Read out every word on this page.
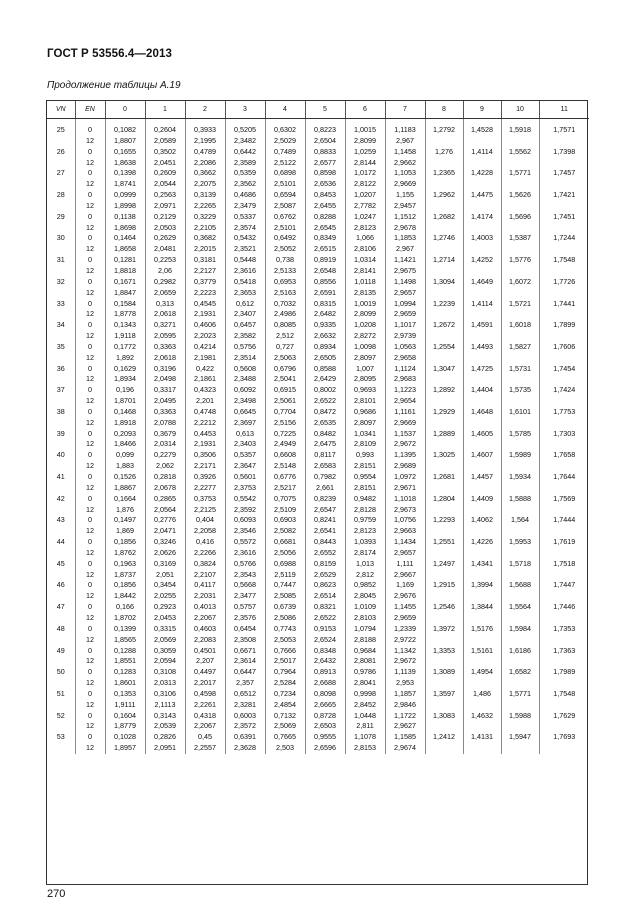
ГОСТ Р 53556.4—2013
Продолжение таблицы А.19
VN	EN	0	1	2	3	4	5	6	7	8	9	10	11
25	0	0,1082	0,2604	0,3933	0,5205	0,6302	0,8223	1,0015	1,1183	1,2792	1,4528	1,5918	1,7571
	12	1,8807	2,0589	2,1995	2,3482	2,5029	2,6504	2,8099	2,967				
26	0	0,1655	0,3502	0,4789	0,6442	0,7489	0,8833	1,0259	1,1458	1,276	1,4114	1,5562	1,7398
	12	1,8638	2,0451	2,2086	2,3589	2,5122	2,6577	2,8144	2,9662				
27	0	0,1398	0,2609	0,3662	0,5359	0,6898	0,8598	1,0172	1,1053	1,2365	1,4228	1,5771	1,7457
	12	1,8741	2,0544	2,2075	2,3562	2,5101	2,6536	2,8122	2,9669				
28	0	0,0999	0,2563	0,3139	0,4686	0,6594	0,8453	1,0207	1,155	1,2962	1,4475	1,5626	1,7421
	12	1,8998	2,0971	2,2265	2,3479	2,5087	2,6455	2,7782	2,9457				
29	0	0,1138	0,2129	0,3229	0,5337	0,6762	0,8288	1,0247	1,1512	1,2682	1,4174	1,5696	1,7451
	12	1,8698	2,0503	2,2105	2,3574	2,5101	2,6545	2,8123	2,9678				
30	0	0,1464	0,2629	0,3682	0,5432	0,6492	0,8349	1,066	1,1853	1,2746	1,4003	1,5387	1,7244
	12	1,8658	2,0481	2,2015	2,3521	2,5052	2,6515	2,8106	2,967				
31	0	0,1281	0,2253	0,3181	0,5448	0,738	0,8919	1,0314	1,1421	1,2714	1,4252	1,5776	1,7548
	12	1,8818	2,06	2,2127	2,3616	2,5133	2,6548	2,8141	2,9675				
32	0	0,1671	0,2982	0,3779	0,5418	0,6953	0,8556	1,0118	1,1498	1,3094	1,4649	1,6072	1,7726
	12	1,8847	2,0659	2,2223	2,3653	2,5163	2,6591	2,8135	2,9657				
33	0	0,1584	0,313	0,4545	0,612	0,7032	0,8315	1,0019	1,0994	1,2239	1,4114	1,5721	1,7441
	12	1,8778	2,0618	2,1931	2,3407	2,4986	2,6482	2,8099	2,9659				
34	0	0,1343	0,3271	0,4606	0,6457	0,8085	0,9335	1,0208	1,1017	1,2672	1,4591	1,6018	1,7899
	12	1,9118	2,0595	2,2023	2,3582	2,512	2,6632	2,8272	2,9739				
35	0	0,1772	0,3363	0,4214	0,5756	0,727	0,8934	1,0098	1,0563	1,2554	1,4493	1,5827	1,7606
	12	1,892	2,0618	2,1981	2,3514	2,5063	2,6505	2,8097	2,9658				
36	0	0,1629	0,3196	0,422	0,5608	0,6796	0,8588	1,007	1,1124	1,3047	1,4725	1,5731	1,7454
	12	1,8934	2,0498	2,1861	2,3488	2,5041	2,6429	2,8095	2,9683				
37	0	0,196	0,3317	0,4323	0,6092	0,6915	0,8002	0,9693	1,1223	1,2892	1,4404	1,5735	1,7424
	12	1,8701	2,0495	2,201	2,3498	2,5061	2,6522	2,8101	2,9654				
38	0	0,1468	0,3363	0,4748	0,6645	0,7704	0,8472	0,9686	1,1161	1,2929	1,4648	1,6101	1,7753
	12	1,8918	2,0788	2,2212	2,3697	2,5156	2,6535	2,8097	2,9669				
39	0	0,2093	0,3679	0,4453	0,613	0,7225	0,8482	1,0341	1,1537	1,2889	1,4605	1,5785	1,7303
	12	1,8466	2,0314	2,1931	2,3403	2,4949	2,6475	2,8109	2,9672				
40	0	0,099	0,2279	0,3506	0,5357	0,6608	0,8117	0,993	1,1395	1,3025	1,4607	1,5989	1,7658
	12	1,883	2,062	2,2171	2,3647	2,5148	2,6583	2,8151	2,9689				
41	0	0,1526	0,2818	0,3926	0,5601	0,6776	0,7982	0,9554	1,0972	1,2681	1,4457	1,5934	1,7644
	12	1,8867	2,0678	2,2277	2,3753	2,5217	2,661	2,8151	2,9671				
42	0	0,1664	0,2865	0,3753	0,5542	0,7075	0,8239	0,9482	1,1018	1,2804	1,4409	1,5888	1,7569
	12	1,876	2,0564	2,2125	2,3592	2,5109	2,6547	2,8128	2,9673				
43	0	0,1497	0,2776	0,404	0,6093	0,6903	0,8241	0,9759	1,0756	1,2293	1,4062	1,564	1,7444
	12	1,869	2,0471	2,2058	2,3546	2,5082	2,6541	2,8123	2,9663				
44	0	0,1856	0,3246	0,416	0,5572	0,6681	0,8443	1,0393	1,1434	1,2551	1,4226	1,5953	1,7619
	12	1,8762	2,0626	2,2266	2,3616	2,5056	2,6552	2,8174	2,9657				
45	0	0,1963	0,3169	0,3824	0,5766	0,6988	0,8159	1,013	1,111	1,2497	1,4341	1,5718	1,7518
	12	1,8737	2,051	2,2107	2,3543	2,5119	2,6529	2,812	2,9667				
46	0	0,1856	0,3454	0,4117	0,5668	0,7447	0,8623	0,9852	1,169	1,2915	1,3994	1,5688	1,7447
	12	1,8442	2,0255	2,2031	2,3477	2,5085	2,6514	2,8045	2,9676				
47	0	0,166	0,2923	0,4013	0,5757	0,6739	0,8321	1,0109	1,1455	1,2546	1,3844	1,5564	1,7446
	12	1,8702	2,0453	2,2067	2,3576	2,5086	2,6522	2,8103	2,9659				
48	0	0,1399	0,3315	0,4603	0,6454	0,7743	0,9153	1,0794	1,2339	1,3972	1,5176	1,5984	1,7353
	12	1,8565	2,0569	2,2083	2,3508	2,5053	2,6524	2,8188	2,9722				
49	0	0,1288	0,3059	0,4501	0,6671	0,7666	0,8348	0,9684	1,1342	1,3353	1,5161	1,6186	1,7363
	12	1,8551	2,0594	2,207	2,3614	2,5017	2,6432	2,8081	2,9672				
50	0	0,1283	0,3108	0,4497	0,6447	0,7964	0,8913	0,9786	1,1139	1,3089	1,4954	1,6582	1,7989
	12	1,8601	2,0313	2,2017	2,357	2,5284	2,6688	2,8041	2,953				
51	0	0,1353	0,3106	0,4598	0,6512	0,7234	0,8098	0,9998	1,1857	1,3597	1,486	1,5771	1,7548
	12	1,9111	2,1113	2,2261	2,3281	2,4854	2,6665	2,8452	2,9846				
52	0	0,1604	0,3143	0,4318	0,6003	0,7132	0,8728	1,0448	1,1722	1,3083	1,4632	1,5988	1,7629
	12	1,8779	2,0539	2,2067	2,3572	2,5069	2,6503	2,811	2,9627				
53	0	0,1028	0,2826	0,45	0,6391	0,7665	0,9555	1,1078	1,1585	1,2412	1,4131	1,5947	1,7693
	12	1,8957	2,0951	2,2557	2,3628	2,503	2,6596	2,8153	2,9674				
270
